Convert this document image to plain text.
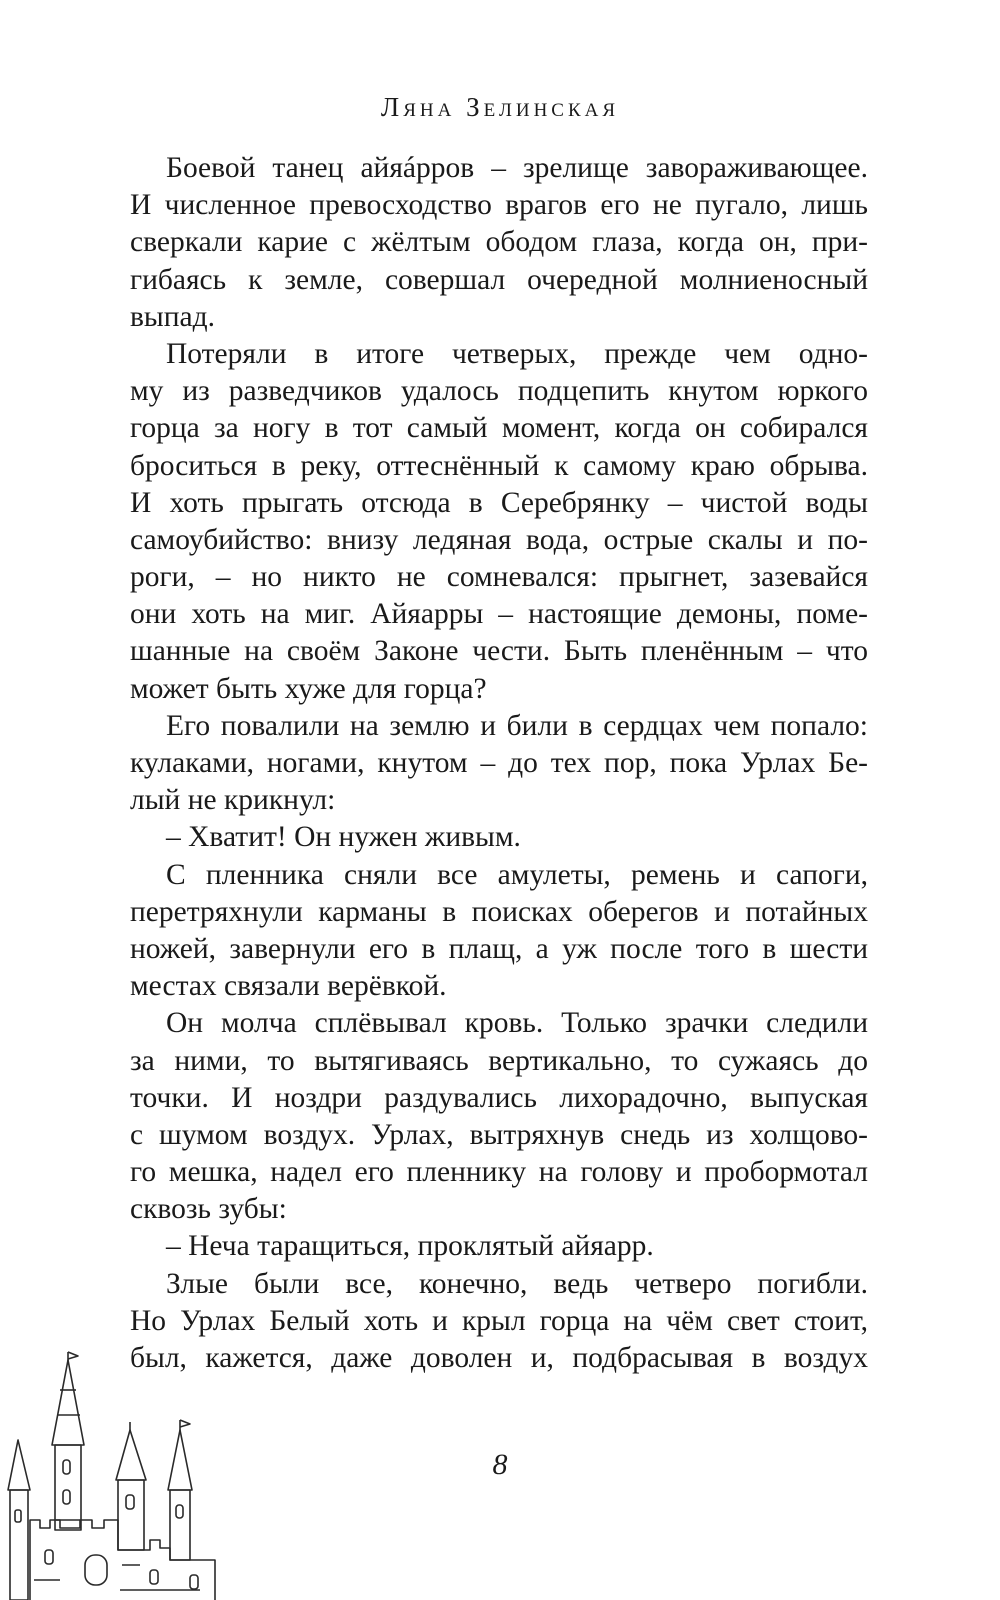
Ляна Зелинская
Боевой танец айяáрров – зрелище завораживающее.
И численное превосходство врагов его не пугало, лишь
сверкали карие с жёлтым ободом глаза, когда он, при-
гибаясь к земле, совершал очередной молниеносный
выпад.
Потеряли в итоге четверых, прежде чем одно-
му из разведчиков удалось подцепить кнутом юркого
горца за ногу в тот самый момент, когда он собирался
броситься в реку, оттеснённый к самому краю обрыва.
И хоть прыгать отсюда в Серебрянку – чистой воды
самоубийство: внизу ледяная вода, острые скалы и по-
роги, – но никто не сомневался: прыгнет, зазевайся
они хоть на миг. Айяарры – настоящие демоны, поме-
шанные на своём Законе чести. Быть пленённым – что
может быть хуже для горца?
Его повалили на землю и били в сердцах чем попало:
кулаками, ногами, кнутом – до тех пор, пока Урлах Бе-
лый не крикнул:
– Хватит! Он нужен живым.
С пленника сняли все амулеты, ремень и сапоги,
перетряхнули карманы в поисках оберегов и потайных
ножей, завернули его в плащ, а уж после того в шести
местах связали верёвкой.
Он молча сплёвывал кровь. Только зрачки следили
за ними, то вытягиваясь вертикально, то сужаясь до
точки. И ноздри раздувались лихорадочно, выпуская
с шумом воздух. Урлах, вытряхнув снедь из холщово-
го мешка, надел его пленнику на голову и пробормотал
сквозь зубы:
– Неча таращиться, проклятый айяарр.
Злые были все, конечно, ведь четверо погибли.
Но Урлах Белый хоть и крыл горца на чём свет стоит,
был, кажется, даже доволен и, подбрасывая в воздух
8
